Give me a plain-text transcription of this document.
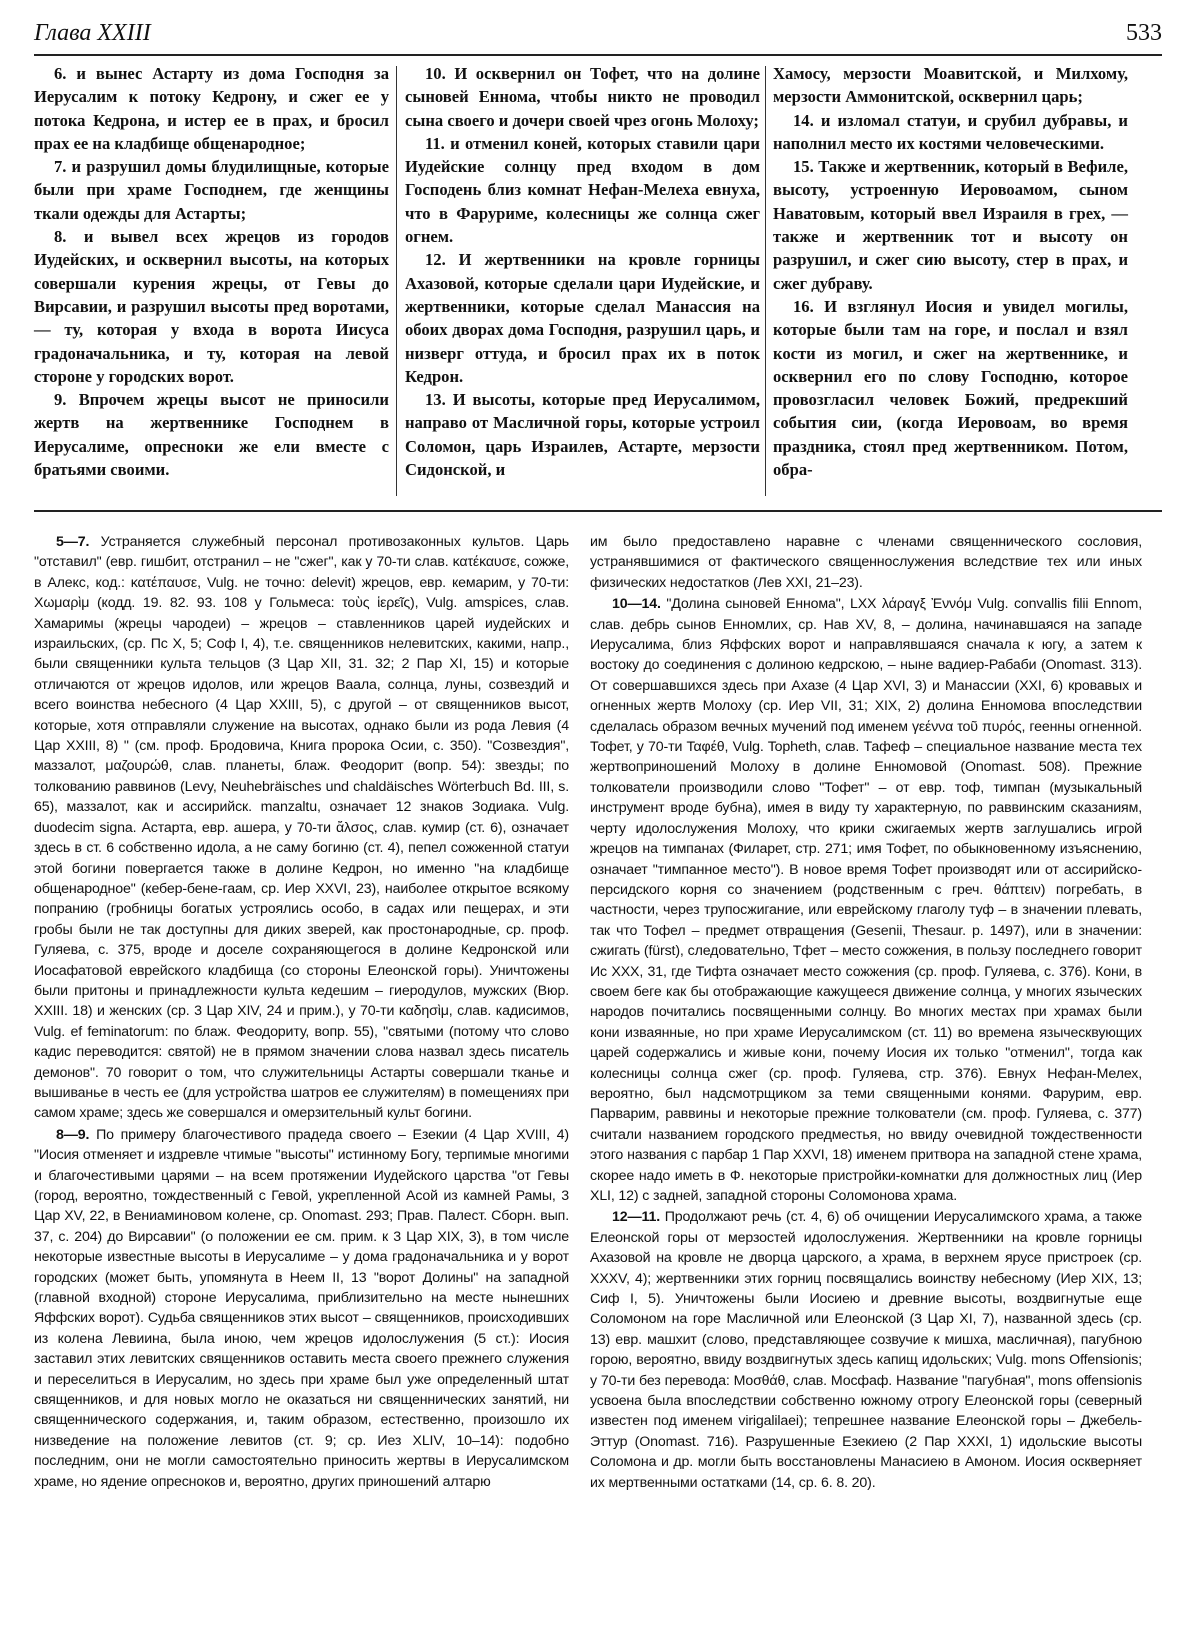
Глава XXIII	533

6. и вынес Астарту из дома Господня за Иерусалим к потоку Кедрону, и сжег ее у потока Кедрона, и истер ее в прах, и бросил прах ее на кладбище общенародное;

7. и разрушил домы блудилищные, которые были при храме Господнем, где женщины ткали одежды для Астарты;

8. и вывел всех жрецов из городов Иудейских, и осквернил высоты, на которых совершали курения жрецы, от Гевы до Вирсавии, и разрушил высоты пред воротами, — ту, которая у входа в ворота Иисуса градоначальника, и ту, которая на левой стороне у городских ворот.

9. Впрочем жрецы высот не приносили жертв на жертвеннике Господнем в Иерусалиме, опресноки же ели вместе с братьями своими.

10. И осквернил он Тофет, что на долине сыновей Еннома, чтобы никто не проводил сына своего и дочери своей чрез огонь Молоху;

11. и отменил коней, которых ставили цари Иудейские солнцу пред входом в дом Господень близ комнат Нефан-Мелеха евнуха, что в Фаруриме, колесницы же солнца сжег огнем.

12. И жертвенники на кровле горницы Ахазовой, которые сделали цари Иудейские, и жертвенники, которые сделал Манассия на обоих дворах дома Господня, разрушил царь, и низверг оттуда, и бросил прах их в поток Кедрон.

13. И высоты, которые пред Иерусалимом, направо от Масличной горы, которые устроил Соломон, царь Израилев, Астарте, мерзости Сидонской, и

Хамосу, мерзости Моавитской, и Милхому, мерзости Аммонитской, осквернил царь;

14. и изломал статуи, и срубил дубравы, и наполнил место их костями человеческими.

15. Также и жертвенник, который в Вефиле, высоту, устроенную Иеровоамом, сыном Наватовым, который ввел Израиля в грех, — также и жертвенник тот и высоту он разрушил, и сжег сию высоту, стер в прах, и сжег дубраву.

16. И взглянул Иосия и увидел могилы, которые были там на горе, и послал и взял кости из могил, и сжег на жертвеннике, и осквернил его по слову Господню, которое провозгласил человек Божий, предрекший события сии, (когда Иеровоам, во время праздника, стоял пред жертвенником. Потом, обра-

5—7. Устраняется служебный персонал противозаконных культов. Царь "отставил" (евр. гишбит, отстранил – не "сжег", как у 70-ти слав. κατέκαυσε, сожже, в Алекс, код.: κατέπαυσε, Vulg. не точно: delevit) жрецов, евр. кемарим, у 70-ти: Χωμαρὶμ (кодд. 19. 82. 93. 108 у Гольмеса: τοὺς ἱερεῖς), Vulg. amspices, слав. Хамаримы (жрецы чародеи) – жрецов – ставленников царей иудейских и израильских, (ср. Пс X, 5; Соф I, 4), т.е. священников нелевитских, какими, напр., были священники культа тельцов (3 Цар XII, 31. 32; 2 Пар XI, 15) и которые отличаются от жрецов идолов, или жрецов Ваала, солнца, луны, созвездий и всего воинства небесного (4 Цар XXIII, 5), с другой – от священников высот, которые, хотя отправляли служение на высотах, однако были из рода Левия (4 Цар XXIII, 8) " (см. проф. Бродовича, Книга пророка Осии, с. 350). "Созвездия", маззалот, μαζουρώθ, слав. планеты, блаж. Феодорит (вопр. 54): звезды; по толкованию раввинов (Levy, Neuhebräisches und chaldäisches Wörterbuch Bd. III, s. 65), маззалот, как и ассирийск. manzaltu, означает 12 знаков Зодиака. Vulg. duodecim signa. Астарта, евр. ашера, у 70-ти ἄλσος, слав. кумир (ст. 6), означает здесь в ст. 6 собственно идола, а не саму богиню (ст. 4), пепел сожженной статуи этой богини повергается также в долине Кедрон, но именно "на кладбище общенародное" (кебер-бене-гаам, ср. Иер XXVI, 23), наиболее открытое всякому попранию (гробницы богатых устроялись особо, в садах или пещерах, и эти гробы были не так доступны для диких зверей, как простонародные, ср. проф. Гуляева, с. 375, вроде и доселе сохраняющегося в долине Кедронской или Иосафатовой еврейского кладбища (со стороны Елеонской горы). Уничтожены были притоны и принадлежности культа кедешим – гиеродулов, мужских (Вюр. XXIII. 18) и женских (ср. 3 Цар XIV, 24 и прим.), у 70-ти καδησὶμ, слав. кадисимов, Vulg. ef feminatorum: по блаж. Феодориту, вопр. 55), "святыми (потому что слово кадис переводится: святой) не в прямом значении слова назвал здесь писатель демонов". 70 говорит о том, что служительницы Астарты совершали тканье и вышиванье в честь ее (для устройства шатров ее служителям) в помещениях при самом храме; здесь же совершался и омерзительный культ богини.

8—9. По примеру благочестивого прадеда своего – Езекии (4 Цар XVIII, 4) "Иосия отменяет и издревле чтимые "высоты" истинному Богу, терпимые многими и благочестивыми царями – на всем протяжении Иудейского царства "от Гевы (город, вероятно, тождественный с Гевой, укрепленной Асой из камней Рамы, 3 Цар XV, 22, в Вениаминовом колене, ср. Onomast. 293; Прав. Палест. Сборн. вып. 37, с. 204) до Вирсавии" (о положении ее см. прим. к 3 Цар XIX, 3), в том числе некоторые известные высоты в Иерусалиме – у дома градоначальника и у ворот городских (может быть, упомянута в Неем II, 13 "ворот Долины" на западной (главной входной) стороне Иерусалима, приблизительно на месте нынешних Яффских ворот). Судьба священников этих высот – священников, происходивших из колена Левиина, была иною, чем жрецов идолослужения (5 ст.): Иосия заставил этих левитских священников оставить места своего прежнего служения и переселиться в Иерусалим, но здесь при храме был уже определенный штат священников, и для новых могло не оказаться ни священнических занятий, ни священнического содержания, и, таким образом, естественно, произошло их низведение на положение левитов (ст. 9; ср. Иез XLIV, 10–14): подобно последним, они не могли самостоятельно приносить жертвы в Иерусалимском храме, но ядение опресноков и, вероятно, других приношений алтарю

им было предоставлено наравне с членами священнического сословия, устранявшимися от фактического священнослужения вследствие тех или иных физических недостатков (Лев XXI, 21–23).

10—14. "Долина сыновей Еннома", LXX λάραγξ Ἐννόμ Vulg. convallis filii Ennom, слав. дебрь сынов Енномлих, ср. Нав XV, 8, – долина, начинавшаяся на западе Иерусалима, близ Яффских ворот и направлявшаяся сначала к югу, а затем к востоку до соединения с долиною кедрскою, – ныне вадиер-Рабаби (Onomast. 313). От совершавшихся здесь при Ахазе (4 Цар XVI, 3) и Манассии (XXI, 6) кровавых и огненных жертв Молоху (ср. Иер VII, 31; XIX, 2) долина Енномова впоследствии сделалась образом вечных мучений под именем γεέννα τοῦ πυρός, геенны огненной. Тофет, у 70-ти Ταφέθ, Vulg. Topheth, слав. Тафеф – специальное название места тех жертвоприношений Молоху в долине Енномовой (Onomast. 508). Прежние толкователи производили слово "Тофет" – от евр. тоф, тимпан (музыкальный инструмент вроде бубна), имея в виду ту характерную, по раввинским сказаниям, черту идолослужения Молоху, что крики сжигаемых жертв заглушались игрой жрецов на тимпанах (Филарет, стр. 271; имя Тофет, по обыкновенному изъяснению, означает "тимпанное место"). В новое время Тофет производят или от ассирийско-персидского корня со значением (родственным с греч. θάπτειν) погребать, в частности, через трупосжигание, или еврейскому глаголу туф – в значении плевать, так что Тофел – предмет отвращения (Gesenii, Thesaur. p. 1497), или в значении: сжигать (fürst), следовательно, Тфет – место сожжения, в пользу последнего говорит Ис XXX, 31, где Тифта означает место сожжения (ср. проф. Гуляева, с. 376). Кони, в своем беге как бы отображающие кажущееся движение солнца, у многих языческих народов почитались посвященными солнцу. Во многих местах при храмах были кони изваянные, но при храме Иерусалимском (ст. 11) во времена языческвующих царей содержались и живые кони, почему Иосия их только "отменил", тогда как колесницы солнца сжег (ср. проф. Гуляева, стр. 376). Евнух Нефан-Мелех, вероятно, был надсмотрщиком за теми священными конями. Фарурим, евр. Парварим, раввины и некоторые прежние толкователи (см. проф. Гуляева, с. 377) считали названием городского предместья, но ввиду очевидной тождественности этого названия с парбар 1 Пар XXVI, 18) именем притвора на западной стене храма, скорее надо иметь в Ф. некоторые пристройки-комнатки для должностных лиц (Иер XLI, 12) с задней, западной стороны Соломонова храма.

12—11. Продолжают речь (ст. 4, 6) об очищении Иерусалимского храма, а также Елеонской горы от мерзостей идолослужения. Жертвенники на кровле горницы Ахазовой на кровле не дворца царского, а храма, в верхнем ярусе пристроек (ср. XXXV, 4); жертвенники этих горниц посвящались воинству небесному (Иер XIX, 13; Сиф I, 5). Уничтожены были Иосиею и древние высоты, воздвигнутые еще Соломоном на горе Масличной или Елеонской (3 Цар XI, 7), названной здесь (ср. 13) евр. машхит (слово, представляющее созвучие к мишха, масличная), пагубною горою, вероятно, ввиду воздвигнутых здесь капищ идольских; Vulg. mons Offensionis; у 70-ти без перевода: Μοσθάθ, слав. Мосфаф. Название "пагубная", mons offensionis усвоена была впоследствии собственно южному отрогу Елеонской горы (северный известен под именем virigalilaei); тепрешнее название Елеонской горы – Джебель-Эттур (Onomast. 716). Разрушенные Езекиею (2 Пар XXXI, 1) идольские высоты Соломона и др. могли быть восстановлены Манасиею в Амоном. Иосия оскверняет их мертвенными остатками (14, ср. 6. 8. 20).
